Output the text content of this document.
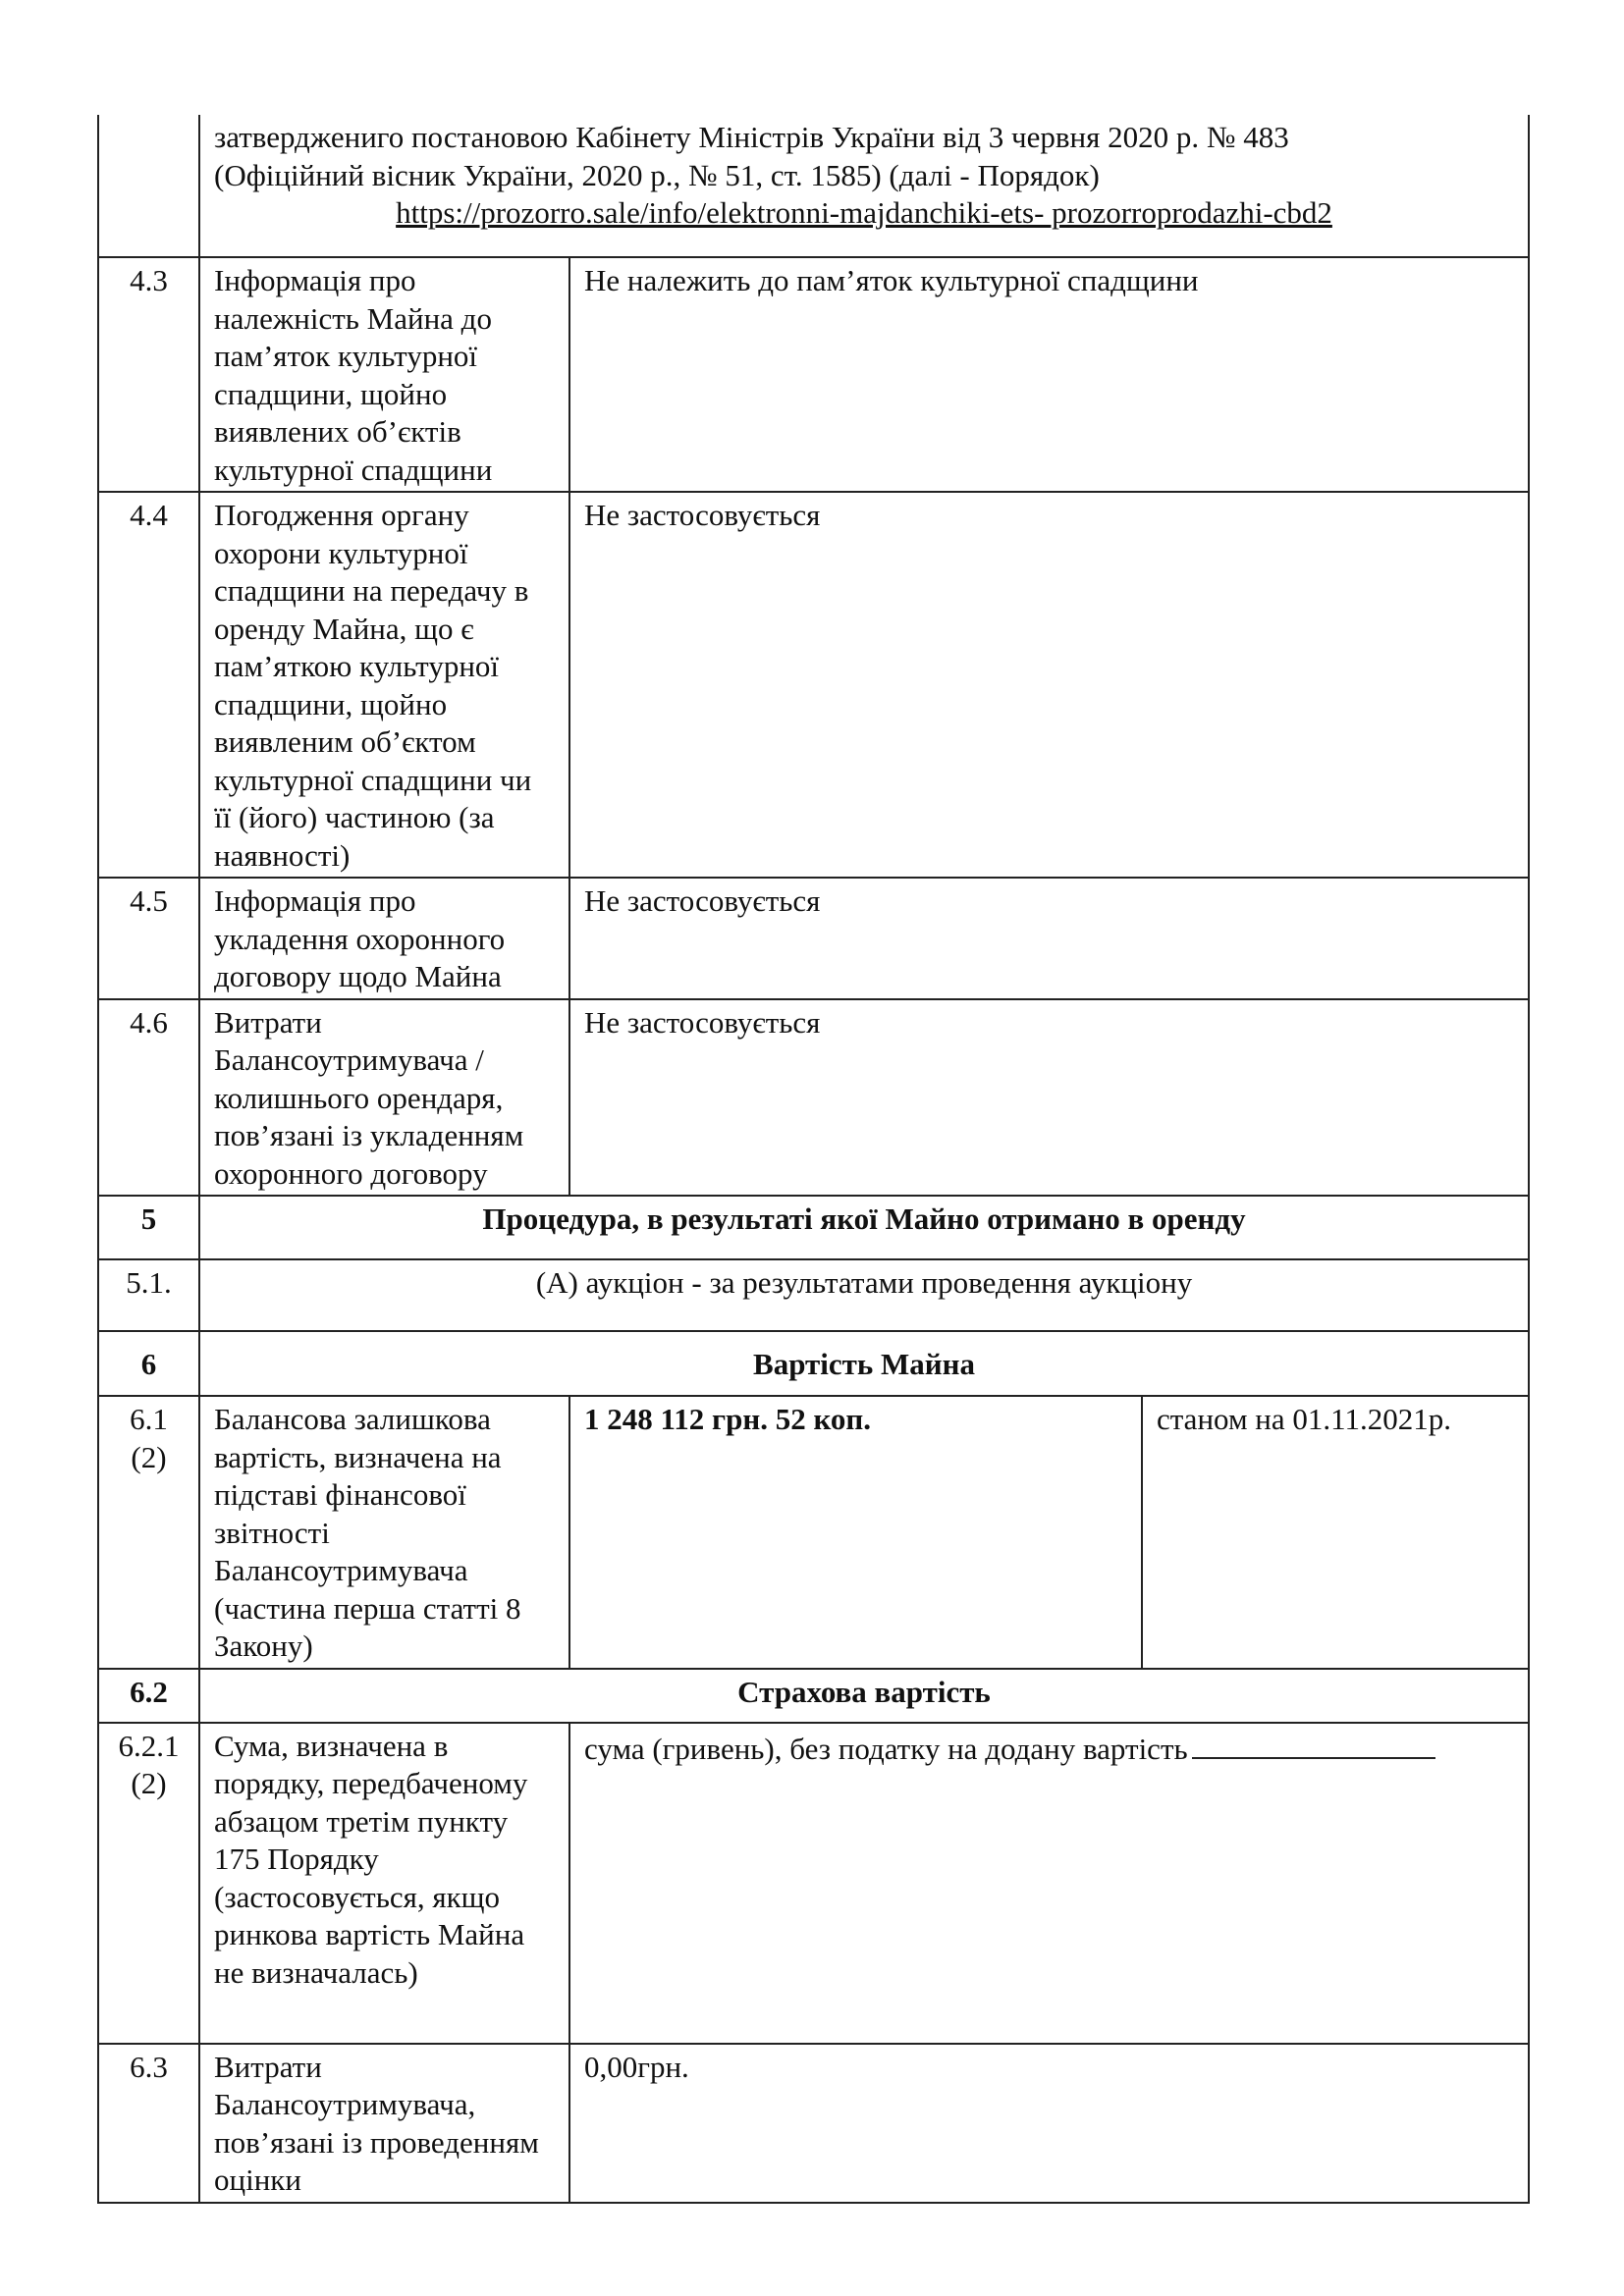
	затверджениго постановою Кабінету Міністрів України від 3 червня 2020 р. № 483
(Офіційний вісник України, 2020 р., № 51, ст. 1585) (далі - Порядок)
https://prozorro.sale/info/elektronni-majdanchiki-ets- prozorroprodazhi-cbd2		

4.3	Інформація про належність Майна до пам’яток культурної спадщини, щойно виявлених об’єктів культурної спадщини	Не належить до пам’яток культурної спадщини	
4.4	Погодження органу охорони культурної спадщини на передачу в оренду Майна, що є пам’яткою культурної спадщини, щойно виявленим об’єктом культурної спадщини чи її (його) частиною (за наявності)	Не застосовується	
4.5	Інформація про укладення охоронного договору щодо Майна	Не застосовується	
4.6	Витрати Балансоутримувача /колишнього орендаря, пов’язані із укладенням охоронного договору	Не застосовується	
5	Процедура, в результаті якої Майно отримано в оренду		
5.1.	(А) аукціон - за результатами проведення аукціону		
6	Вартість Майна		

6.1
(2)	Балансова залишкова вартість, визначена на підставі фінансової звітності Балансоутримувача (частина перша статті 8 Закону)	1 248 112 грн. 52 коп.	станом на 01.11.2021р.
6.2	Страхова вартість		

6.2.1
(2)	Сума, визначена в порядку, передбаченому абзацом третім пункту 175 Порядку (застосовується, якщо ринкова вартість Майна не визначалась)	сума (гривень), без податку на додану вартість	
6.3	Витрати Балансоутримувача, пов’язані із проведенням оцінки	0,00грн.	
